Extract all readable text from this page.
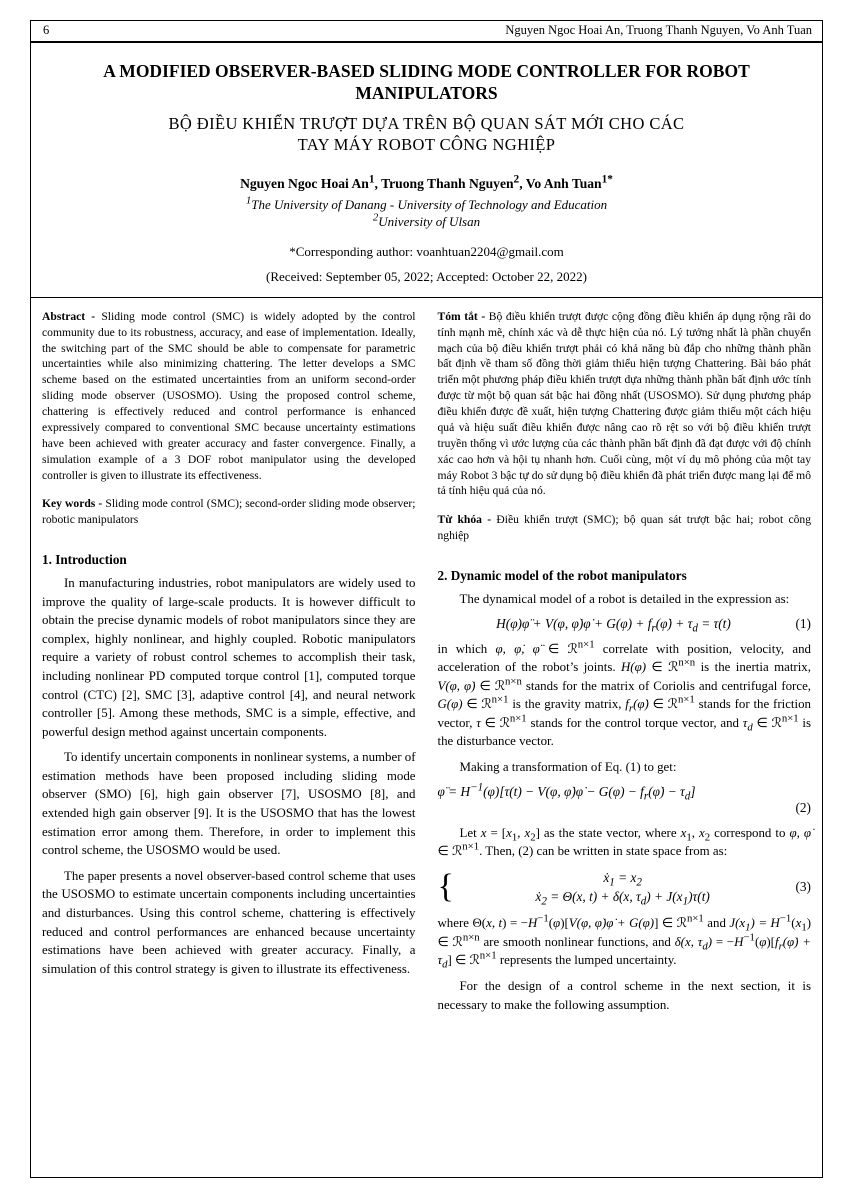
6	Nguyen Ngoc Hoai An, Truong Thanh Nguyen, Vo Anh Tuan
A MODIFIED OBSERVER-BASED SLIDING MODE CONTROLLER FOR ROBOT MANIPULATORS
BỘ ĐIỀU KHIỂN TRƯỢT DỰA TRÊN BỘ QUAN SÁT MỚI CHO CÁC TAY MÁY ROBOT CÔNG NGHIỆP
Nguyen Ngoc Hoai An$^1$, Truong Thanh Nguyen$^2$, Vo Anh Tuan$^{1*}$
$^1$The University of Danang - University of Technology and Education
$^2$University of Ulsan
*Corresponding author: voanhtuan2204@gmail.com
(Received: September 05, 2022; Accepted: October 22, 2022)

Abstract - Sliding mode control (SMC) is widely adopted by the control community due to its robustness, accuracy, and ease of implementation. Ideally, the switching part of the SMC should be able to compensate for parametric uncertainties while also minimizing chattering. The letter develops a SMC scheme based on the estimated uncertainties from an uniform second-order sliding mode observer (USOSMO). Using the proposed control scheme, chattering is effectively reduced and control performance is enhanced expressively compared to conventional SMC because uncertainty estimations have been achieved with greater accuracy and faster convergence. Finally, a simulation example of a 3 DOF robot manipulator using the developed controller is given to illustrate its effectiveness.

Key words - Sliding mode control (SMC); second-order sliding mode observer; robotic manipulators

1. Introduction

In manufacturing industries, robot manipulators are widely used to improve the quality of large-scale products. It is however difficult to obtain the precise dynamic models of robot manipulators since they are complex, highly nonlinear, and highly coupled. Robotic manipulators require a variety of robust control schemes to accomplish their task, including nonlinear PD computed torque control [1], computed torque control (CTC) [2], SMC [3], adaptive control [4], and neural network controller [5]. Among these methods, SMC is a simple, effective, and powerful design method against uncertain components.

To identify uncertain components in nonlinear systems, a number of estimation methods have been proposed including sliding mode observer (SMO) [6], high gain observer [7], USOSMO [8], and extended high gain observer [9]. It is the USOSMO that has the lowest estimation error among them. Therefore, in order to implement this control scheme, the USOSMO would be used.

The paper presents a novel observer-based control scheme that uses the USOSMO to estimate uncertain components including uncertainties and disturbances. Using this control scheme, chattering is effectively reduced and control performances are enhanced because uncertainty estimations have been achieved with greater accuracy. Finally, a simulation of this control strategy is given to illustrate its effectiveness.

Tóm tắt - Bộ điều khiển trượt được cộng đồng điều khiển áp dụng rộng rãi do tính mạnh mẽ, chính xác và dễ thực hiện của nó. Lý tưởng nhất là phần chuyển mạch của bộ điều khiển trượt phải có khả năng bù đắp cho những thành phần bất định về tham số đồng thời giảm thiểu hiện tượng Chattering. Bài báo phát triển một phương pháp điều khiển trượt dựa những thành phần bất định ước tính được từ một bộ quan sát bậc hai đồng nhất (USOSMO). Sử dụng phương pháp điều khiển được đề xuất, hiện tượng Chattering được giảm thiểu một cách hiệu quả và hiệu suất điều khiển được nâng cao rõ rệt so với bộ điều khiển trượt truyền thống vì ước lượng của các thành phần bất định đã đạt được với độ chính xác cao hơn và hội tụ nhanh hơn. Cuối cùng, một ví dụ mô phỏng của một tay máy Robot 3 bậc tự do sử dụng bộ điều khiển đã phát triển được mang lại để mô tả tính hiệu quả của nó.

Từ khóa - Điều khiển trượt (SMC); bộ quan sát trượt bậc hai; robot công nghiệp

2. Dynamic model of the robot manipulators

The dynamical model of a robot is detailed in the expression as:

H(φ)φ̈ + V(φ, φ̇)φ̇ + $G(\varphi) + f_r(\varphi̇) + \tau_d = \tau(t)$	(1)

in which φ, φ̇, φ̈ ∈ ℛ$^{n\times 1}$ correlate with position, velocity, and acceleration of the robot’s joints. H(φ) ∈ ℛ$^{n\times n}$ is the inertia matrix, V(φ, φ̇) ∈ ℛ$^{n\times n}$ stands for the matrix of Coriolis and centrifugal force, G(φ) ∈ ℛ$^{n\times 1}$ is the gravity matrix, $f_r(\varphi̇)$ ∈ ℛ$^{n\times 1}$ stands for the friction vector, τ ∈ ℛ$^{n\times 1}$ stands for the control torque vector, and $\tau_d$ ∈ ℛ$^{n\times 1}$ is the disturbance vector.

Making a transformation of Eq. (1) to get:

φ̈ = $H^{-1}(\varphi)[\tau(t) - V(\varphi$, φ̇)φ̇ − $G(\varphi) - f_r(\varphi̇) - \tau_d$]
(2)

Let $x = [x_1$, $x_2$] as the state vector, where $x_1$, $x_2$ correspond to φ, φ̇ ∈ ℛ$^{n\times 1}$. Then, (2) can be written in state space from as:

{	ẋ$_1$ = $x_2$
ẋ$_2$ = Θ(x, t) + δ(x, $\tau_d) + J(x_1)\tau(t)$
(3)

where Θ(x, $t) = -H^{-1}(\varphi)[V(\varphi$, φ̇)φ̇ + G(φ)] ∈ ℛ$^{n\times 1}$ and $J(x_1) = H^{-1}(x_1)$ ∈ ℛ$^{n\times n}$ are smooth nonlinear functions, and δ(x, $\tau_d$) = $-H^{-1}(\varphi)[f_r(\varphi̇) + \tau_d]$ ∈ ℛ$^{n\times 1}$ represents the lumped uncertainty.

For the design of a control scheme in the next section, it is necessary to make the following assumption.
